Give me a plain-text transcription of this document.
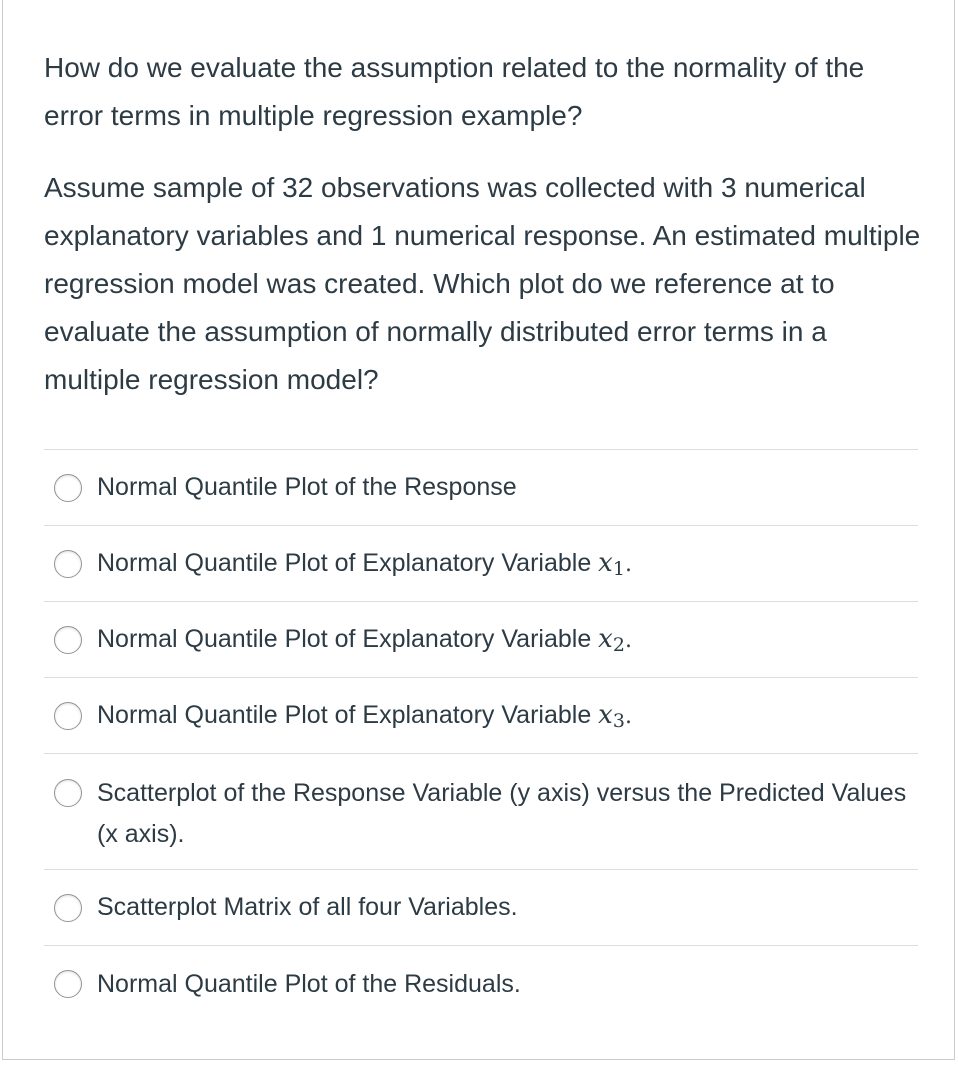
How do we evaluate the assumption related to the normality of the error terms in multiple regression example?

Assume sample of 32 observations was collected with 3 numerical explanatory variables and 1 numerical response. An estimated multiple regression model was created. Which plot do we reference at to evaluate the assumption of normally distributed error terms in a multiple regression model?

Normal Quantile Plot of the Response
Normal Quantile Plot of Explanatory Variable $x_1$.
Normal Quantile Plot of Explanatory Variable $x_2$.
Normal Quantile Plot of Explanatory Variable $x_3$.
Scatterplot of the Response Variable (y axis) versus the Predicted Values (x axis).
Scatterplot Matrix of all four Variables.
Normal Quantile Plot of the Residuals.
